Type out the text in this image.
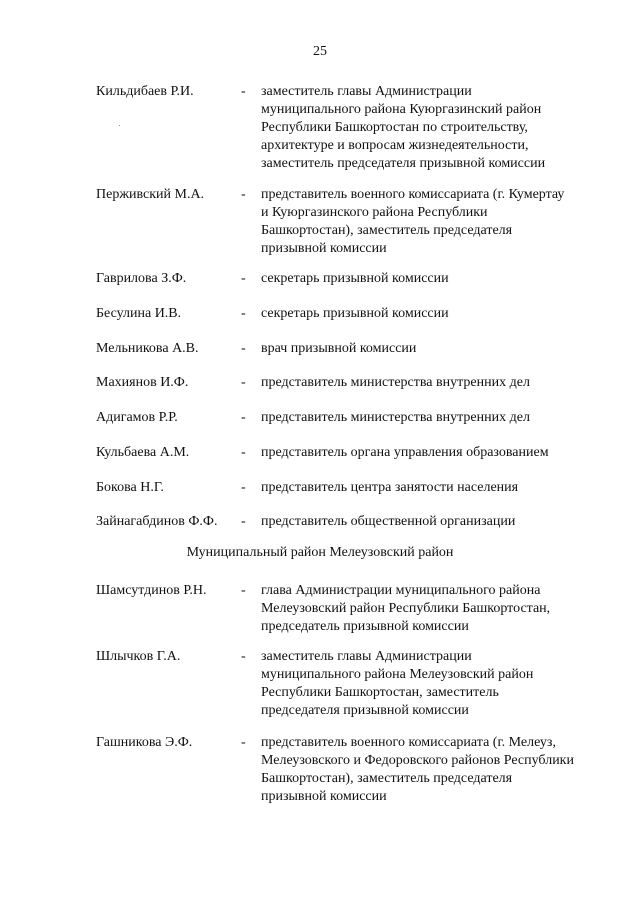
25
Кильдибаев Р.И.	- заместитель главы Администрации
муниципального района Куюргазинский район
Республики Башкортостан по строительству,
архитектуре и вопросам жизнедеятельности,
заместитель председателя призывной комиссии
Перживский М.А.	- представитель военного комиссариата (г. Кумертау
и Куюргазинского района Республики
Башкортостан), заместитель председателя
призывной комиссии
Гаврилова З.Ф.	- секретарь призывной комиссии
Бесулина И.В.	- секретарь призывной комиссии
Мельникова А.В.	- врач призывной комиссии
Махиянов И.Ф.	- представитель министерства внутренних дел
Адигамов Р.Р.	- представитель министерства внутренних дел
Кульбаева А.М.	- представитель органа управления образованием
Бокова Н.Г.	- представитель центра занятости населения
Зайнагабдинов Ф.Ф. - представитель общественной организации
Муниципальный район Мелеузовский район
Шамсутдинов Р.Н. - глава Администрации муниципального района
Мелеузовский район Республики Башкортостан,
председатель призывной комиссии
Шлычков Г.А.	- заместитель главы Администрации
муниципального района Мелеузовский район
Республики Башкортостан, заместитель
председателя призывной комиссии
Гашникова Э.Ф.	- представитель военного комиссариата (г. Мелеуз,
Мелеузовского и Федоровского районов Республики
Башкортостан), заместитель председателя
призывной комиссии
